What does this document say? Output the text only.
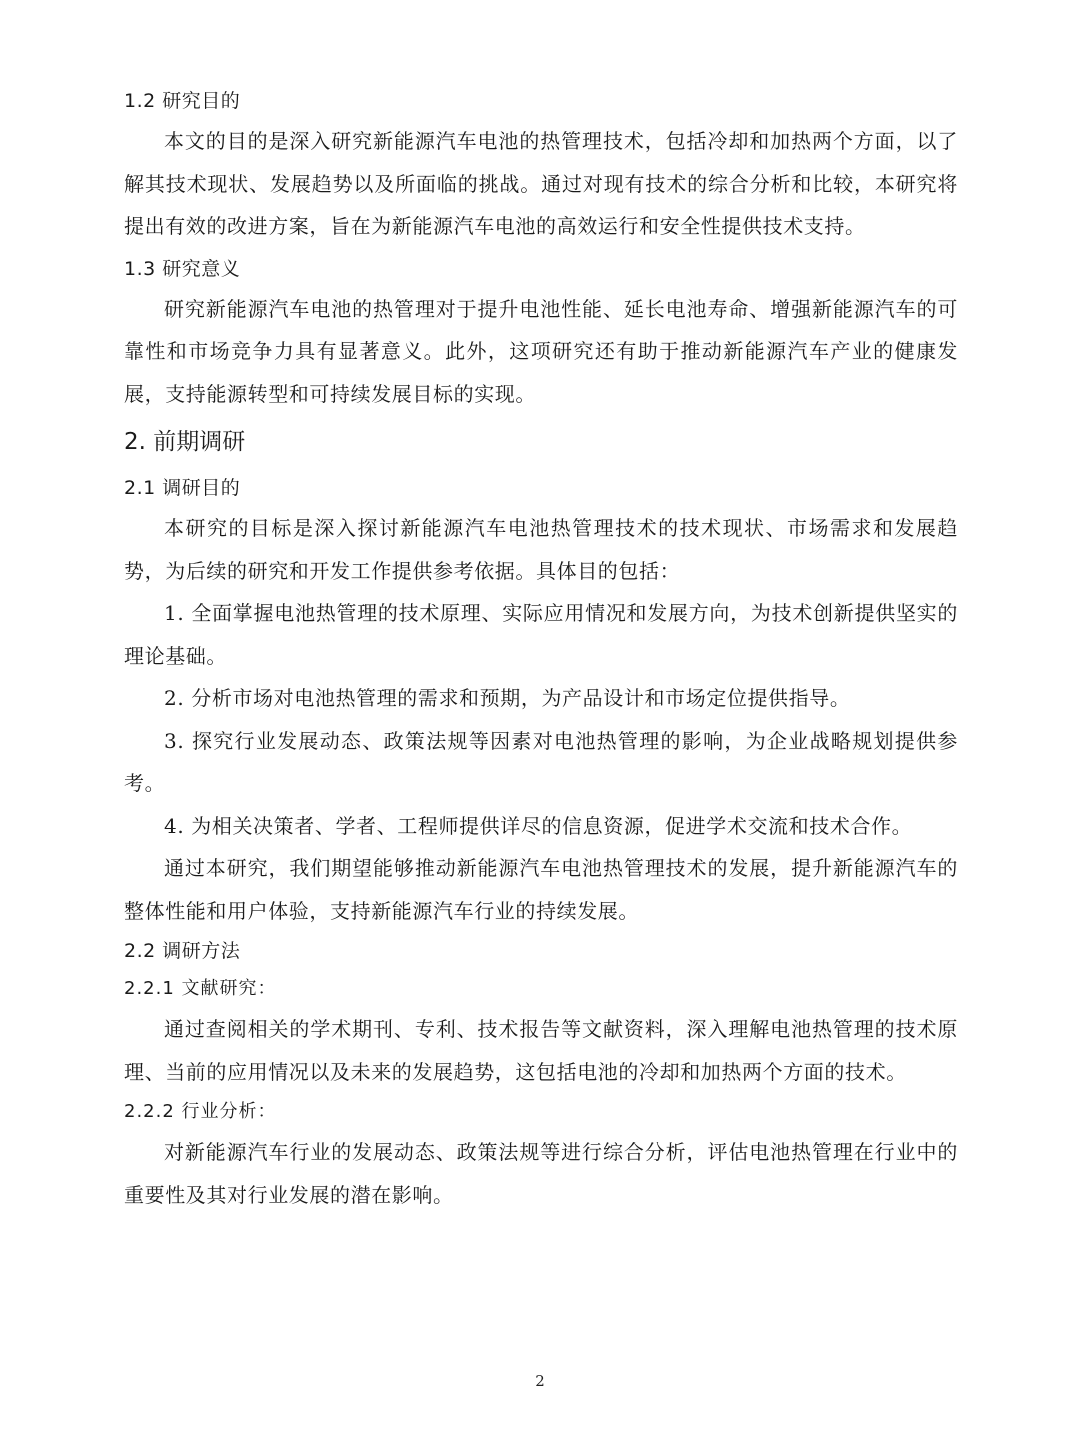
1.2 研究目的

本文的目的是深入研究新能源汽车电池的热管理技术，包括冷却和加热两个方面，以了解其技术现状、发展趋势以及所面临的挑战。通过对现有技术的综合分析和比较，本研究将提出有效的改进方案，旨在为新能源汽车电池的高效运行和安全性提供技术支持。

1.3 研究意义

研究新能源汽车电池的热管理对于提升电池性能、延长电池寿命、增强新能源汽车的可靠性和市场竞争力具有显著意义。此外，这项研究还有助于推动新能源汽车产业的健康发展，支持能源转型和可持续发展目标的实现。

2. 前期调研
2.1 调研目的

本研究的目标是深入探讨新能源汽车电池热管理技术的技术现状、市场需求和发展趋势，为后续的研究和开发工作提供参考依据。具体目的包括：

1. 全面掌握电池热管理的技术原理、实际应用情况和发展方向，为技术创新提供坚实的理论基础。

2. 分析市场对电池热管理的需求和预期，为产品设计和市场定位提供指导。

3. 探究行业发展动态、政策法规等因素对电池热管理的影响，为企业战略规划提供参考。

4. 为相关决策者、学者、工程师提供详尽的信息资源，促进学术交流和技术合作。

通过本研究，我们期望能够推动新能源汽车电池热管理技术的发展，提升新能源汽车的整体性能和用户体验，支持新能源汽车行业的持续发展。

2.2 调研方法
2.2.1 文献研究：

通过查阅相关的学术期刊、专利、技术报告等文献资料，深入理解电池热管理的技术原理、当前的应用情况以及未来的发展趋势，这包括电池的冷却和加热两个方面的技术。

2.2.2 行业分析：

对新能源汽车行业的发展动态、政策法规等进行综合分析，评估电池热管理在行业中的重要性及其对行业发展的潜在影响。

2
